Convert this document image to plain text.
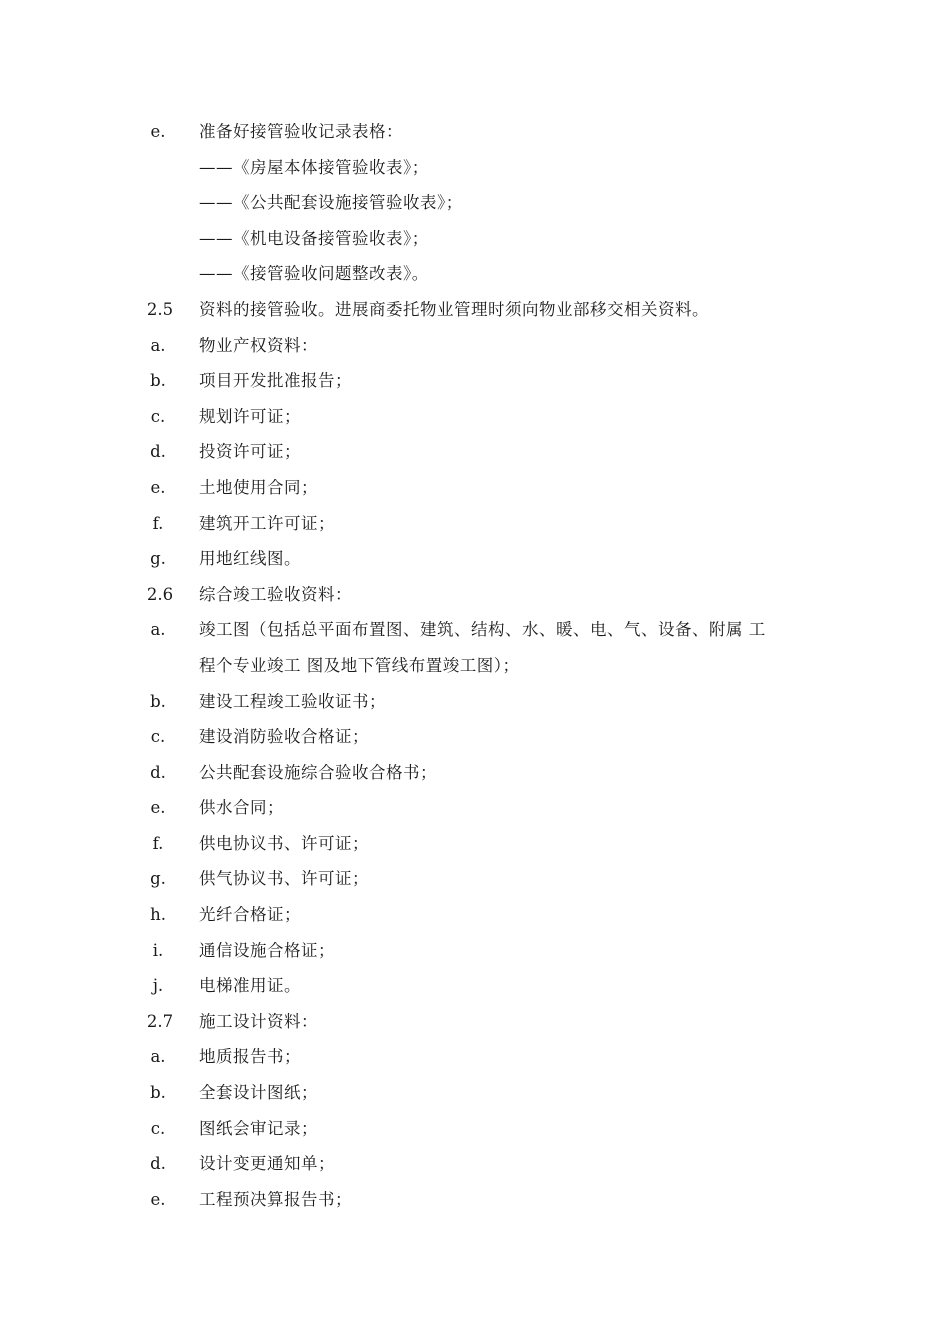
e.	准备好接管验收记录表格：
——《房屋本体接管验收表》；
——《公共配套设施接管验收表》；
——《机电设备接管验收表》；
——《接管验收问题整改表》。
2.5	资料的接管验收。进展商委托物业管理时须向物业部移交相关资料。
a.	物业产权资料：
b.	项目开发批准报告；
c.	规划许可证；
d.	投资许可证；
e.	土地使用合同；
f.	建筑开工许可证；
g.	用地红线图。
2.6	综合竣工验收资料：
a.	竣工图（包括总平面布置图、建筑、结构、水、暖、电、气、设备、附属 工
程个专业竣工 图及地下管线布置竣工图）；
b.	建设工程竣工验收证书；
c.	建设消防验收合格证；
d.	公共配套设施综合验收合格书；
e.	供水合同；
f.	供电协议书、许可证；
g.	供气协议书、许可证；
h.	光纤合格证；
i.	通信设施合格证；
j.	电梯准用证。
2.7	施工设计资料：
a.	地质报告书；
b.	全套设计图纸；
c.	图纸会审记录；
d.	设计变更通知单；
e.	工程预决算报告书；
